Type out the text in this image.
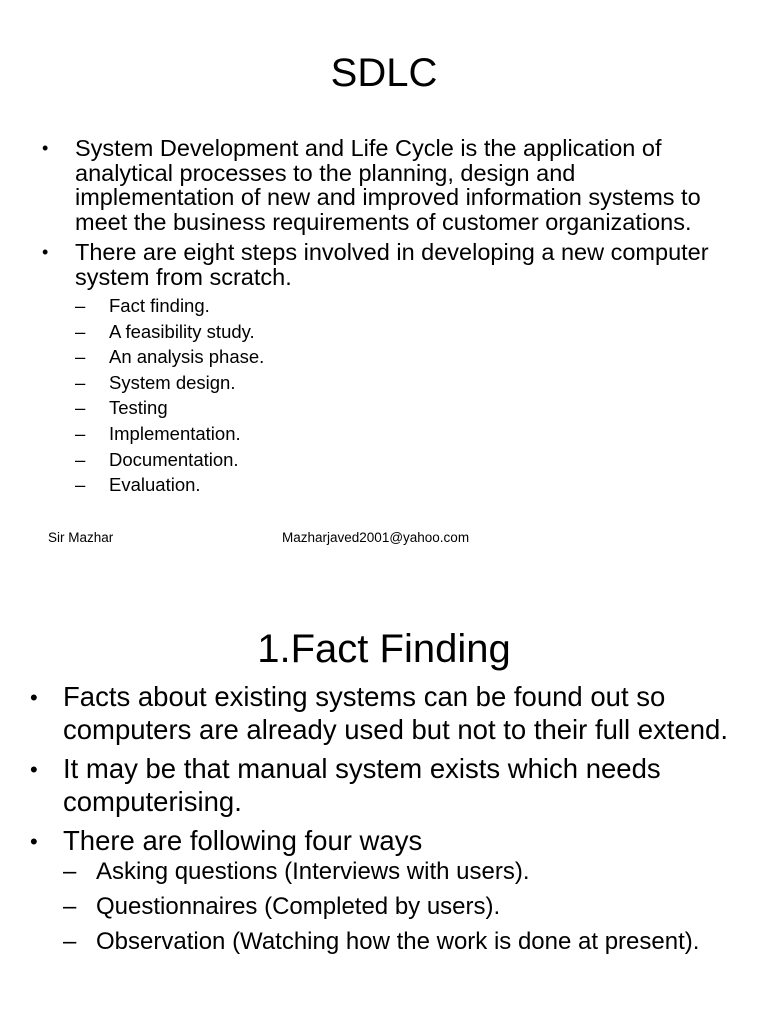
SDLC
• System Development and Life Cycle is the application of analytical processes to the planning, design and implementation of new and improved information systems to meet the business requirements of customer organizations.
• There are eight steps involved in developing a new computer system from scratch.
– Fact finding.
– A feasibility study.
– An analysis phase.
– System design.
– Testing
– Implementation.
– Documentation.
– Evaluation.
Sir Mazhar	Mazharjaved2001@yahoo.com
1.Fact Finding
• Facts about existing systems can be found out so computers are already used but not to their full extend.
• It may be that manual system exists which needs computerising.
• There are following four ways
– Asking questions (Interviews with users).
– Questionnaires (Completed by users).
– Observation (Watching how the work is done at present).
